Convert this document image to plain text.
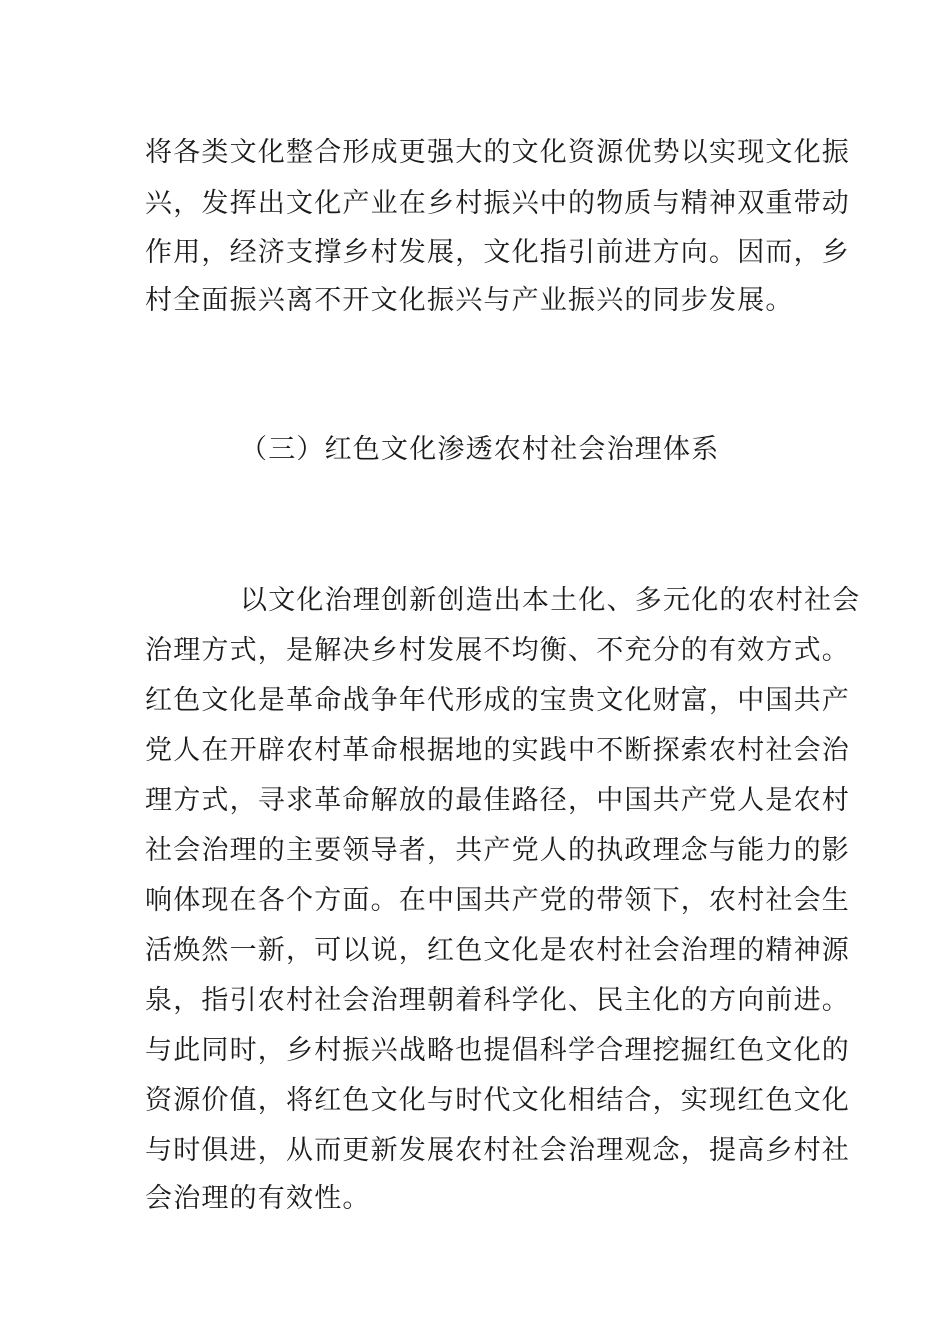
将各类文化整合形成更强大的文化资源优势以实现文化振
兴，发挥出文化产业在乡村振兴中的物质与精神双重带动
作用，经济支撑乡村发展，文化指引前进方向。因而，乡
村全面振兴离不开文化振兴与产业振兴的同步发展。
（三）红色文化渗透农村社会治理体系
以文化治理创新创造出本土化、多元化的农村社会
治理方式，是解决乡村发展不均衡、不充分的有效方式。
红色文化是革命战争年代形成的宝贵文化财富，中国共产
党人在开辟农村革命根据地的实践中不断探索农村社会治
理方式，寻求革命解放的最佳路径，中国共产党人是农村
社会治理的主要领导者，共产党人的执政理念与能力的影
响体现在各个方面。在中国共产党的带领下，农村社会生
活焕然一新，可以说，红色文化是农村社会治理的精神源
泉，指引农村社会治理朝着科学化、民主化的方向前进。
与此同时，乡村振兴战略也提倡科学合理挖掘红色文化的
资源价值，将红色文化与时代文化相结合，实现红色文化
与时俱进，从而更新发展农村社会治理观念，提高乡村社
会治理的有效性。
